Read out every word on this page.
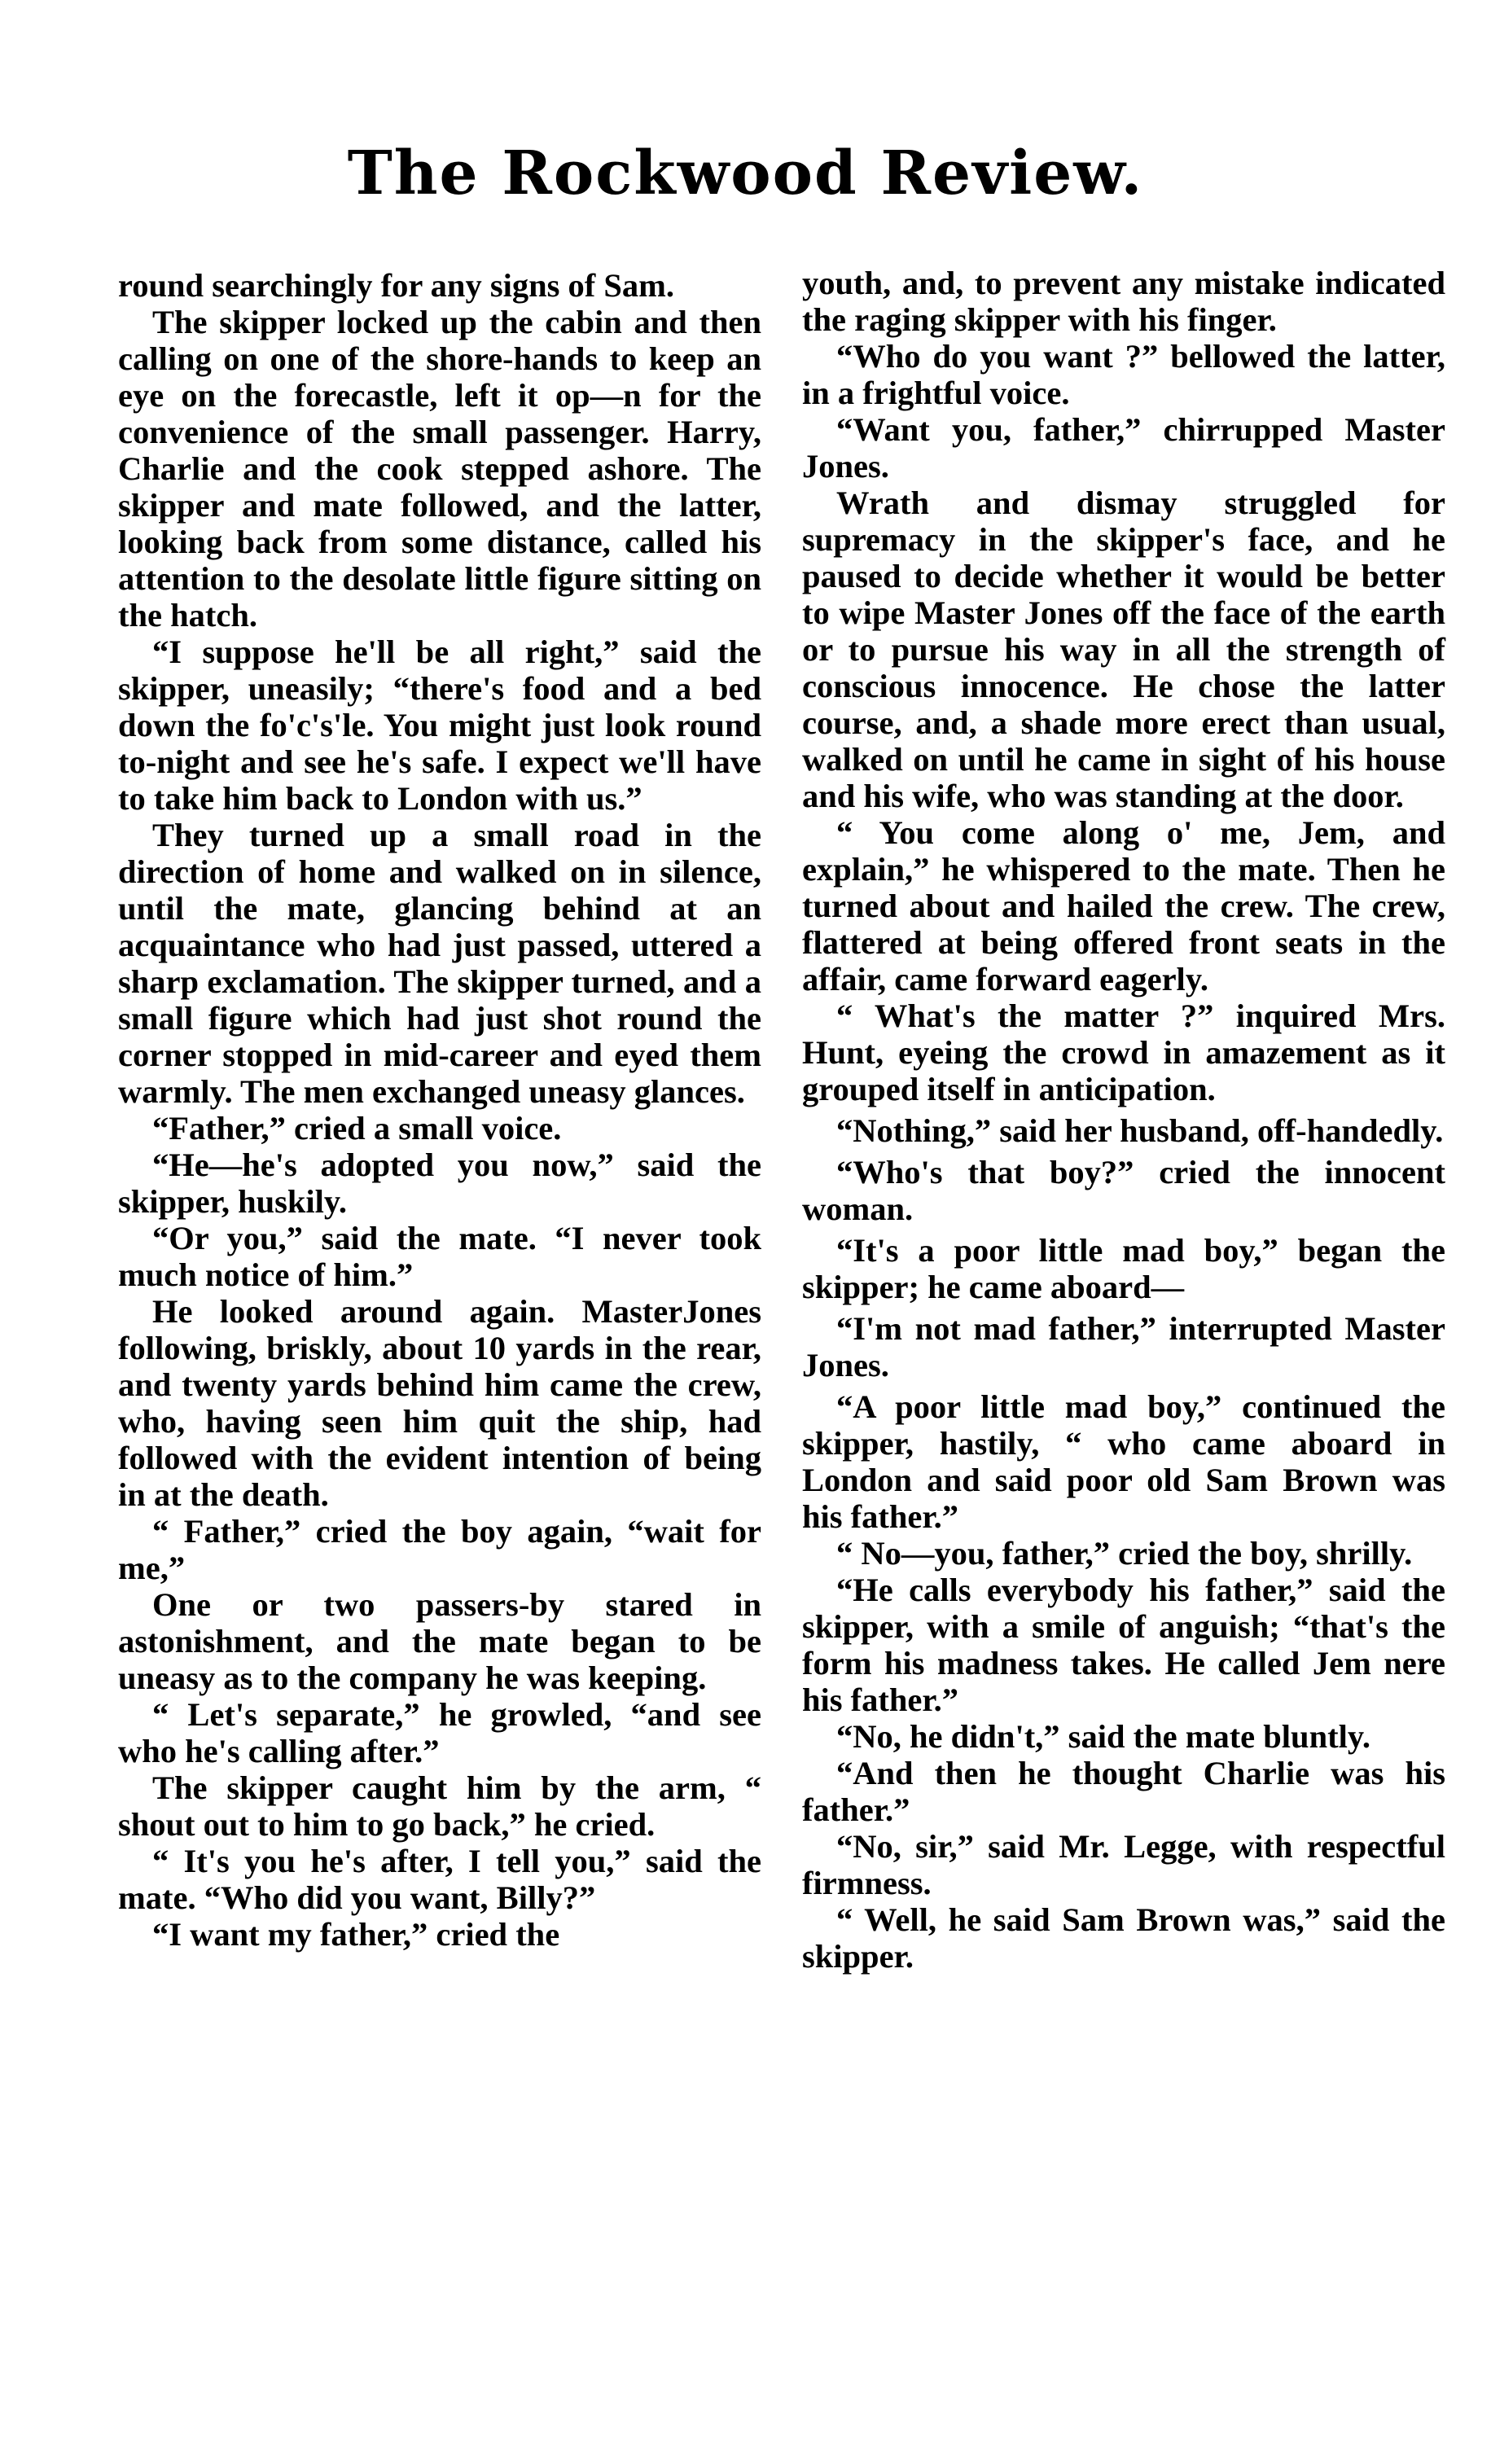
The Rockwood Review.

round searchingly for any signs of Sam.

The skipper locked up the cabin and then calling on one of the shore-hands to keep an eye on the forecastle, left it op—n for the convenience of the small passenger. Harry, Charlie and the cook stepped ashore. The skipper and mate followed, and the latter, looking back from some distance, called his attention to the desolate little figure sitting on the hatch.

“I suppose he'll be all right,” said the skipper, uneasily; “there's food and a bed down the fo'c's'le. You might just look round to-night and see he's safe. I expect we'll have to take him back to London with us.”

They turned up a small road in the direction of home and walked on in silence, until the mate, glancing behind at an acquaintance who had just passed, uttered a sharp exclamation. The skipper turned, and a small figure which had just shot round the corner stopped in mid-career and eyed them warmly. The men exchanged uneasy glances.

“Father,” cried a small voice.

“He—he's adopted you now,” said the skipper, huskily.

“Or you,” said the mate. “I never took much notice of him.”

He looked around again. MasterJones following, briskly, about 10 yards in the rear, and twenty yards behind him came the crew, who, having seen him quit the ship, had followed with the evident intention of being in at the death.

“ Father,” cried the boy again, “wait for me,”

One or two passers-by stared in astonishment, and the mate began to be uneasy as to the company he was keeping.

“ Let's separate,” he growled, “and see who he's calling after.”

The skipper caught him by the arm, “ shout out to him to go back,” he cried.

“ It's you he's after, I tell you,” said the mate. “Who did you want, Billy?”

“I want my father,” cried the

youth, and, to prevent any mistake indicated the raging skipper with his finger.

“Who do you want ?” bellowed the latter, in a frightful voice.

“Want you, father,” chirrupped Master Jones.

Wrath and dismay struggled for supremacy in the skipper's face, and he paused to decide whether it would be better to wipe Master Jones off the face of the earth or to pursue his way in all the strength of conscious innocence. He chose the latter course, and, a shade more erect than usual, walked on until he came in sight of his house and his wife, who was standing at the door.

“ You come along o' me, Jem, and explain,” he whispered to the mate. Then he turned about and hailed the crew. The crew, flattered at being offered front seats in the affair, came forward eagerly.

“ What's the matter ?” inquired Mrs. Hunt, eyeing the crowd in amazement as it grouped itself in anticipation.

“Nothing,” said her husband, off-handedly.

“Who's that boy?” cried the innocent woman.

“It's a poor little mad boy,” began the skipper; he came aboard—

“I'm not mad father,” interrupted Master Jones.

“A poor little mad boy,” continued the skipper, hastily, “ who came aboard in London and said poor old Sam Brown was his father.”

“ No—you, father,” cried the boy, shrilly.

“He calls everybody his father,” said the skipper, with a smile of anguish; “that's the form his madness takes. He called Jem nere his father.”

“No, he didn't,” said the mate bluntly.

“And then he thought Charlie was his father.”

“No, sir,” said Mr. Legge, with respectful firmness.

“ Well, he said Sam Brown was,” said the skipper.
